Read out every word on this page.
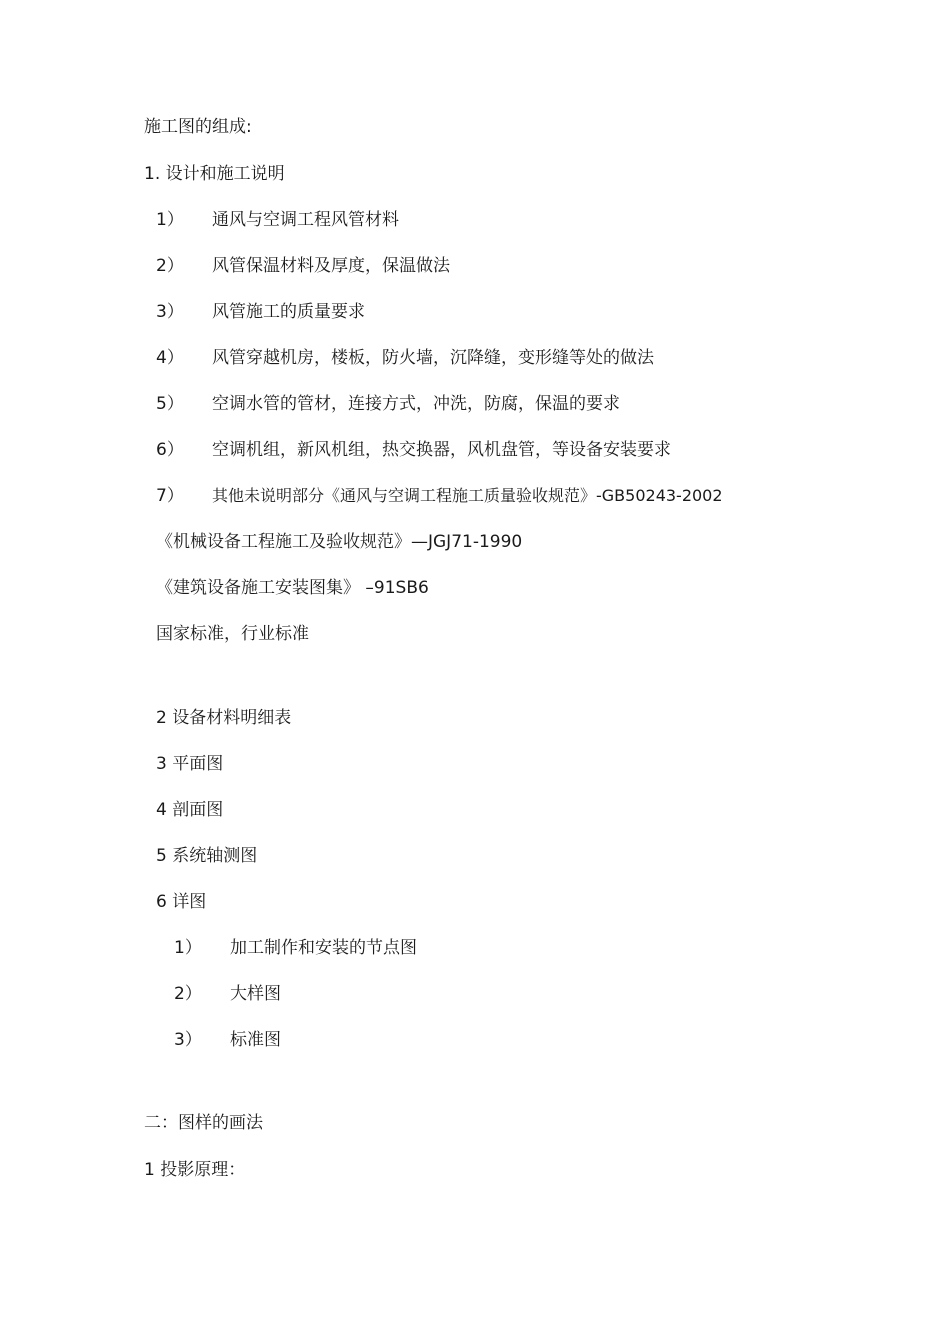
施工图的组成:
1. 设计和施工说明
1） 通风与空调工程风管材料
2） 风管保温材料及厚度，保温做法
3） 风管施工的质量要求
4） 风管穿越机房，楼板，防火墙，沉降缝，变形缝等处的做法
5） 空调水管的管材，连接方式，冲洗，防腐，保温的要求
6） 空调机组，新风机组，热交换器，风机盘管，等设备安装要求
7） 其他未说明部分《通风与空调工程施工质量验收规范》-GB50243-2002
《机械设备工程施工及验收规范》—JGJ71-1990
《建筑设备施工安装图集》 –91SB6
国家标准，行业标准
2 设备材料明细表
3 平面图
4 剖面图
5 系统轴测图
6 详图
1） 加工制作和安装的节点图
2） 大样图
3） 标准图
二：图样的画法
1 投影原理：
